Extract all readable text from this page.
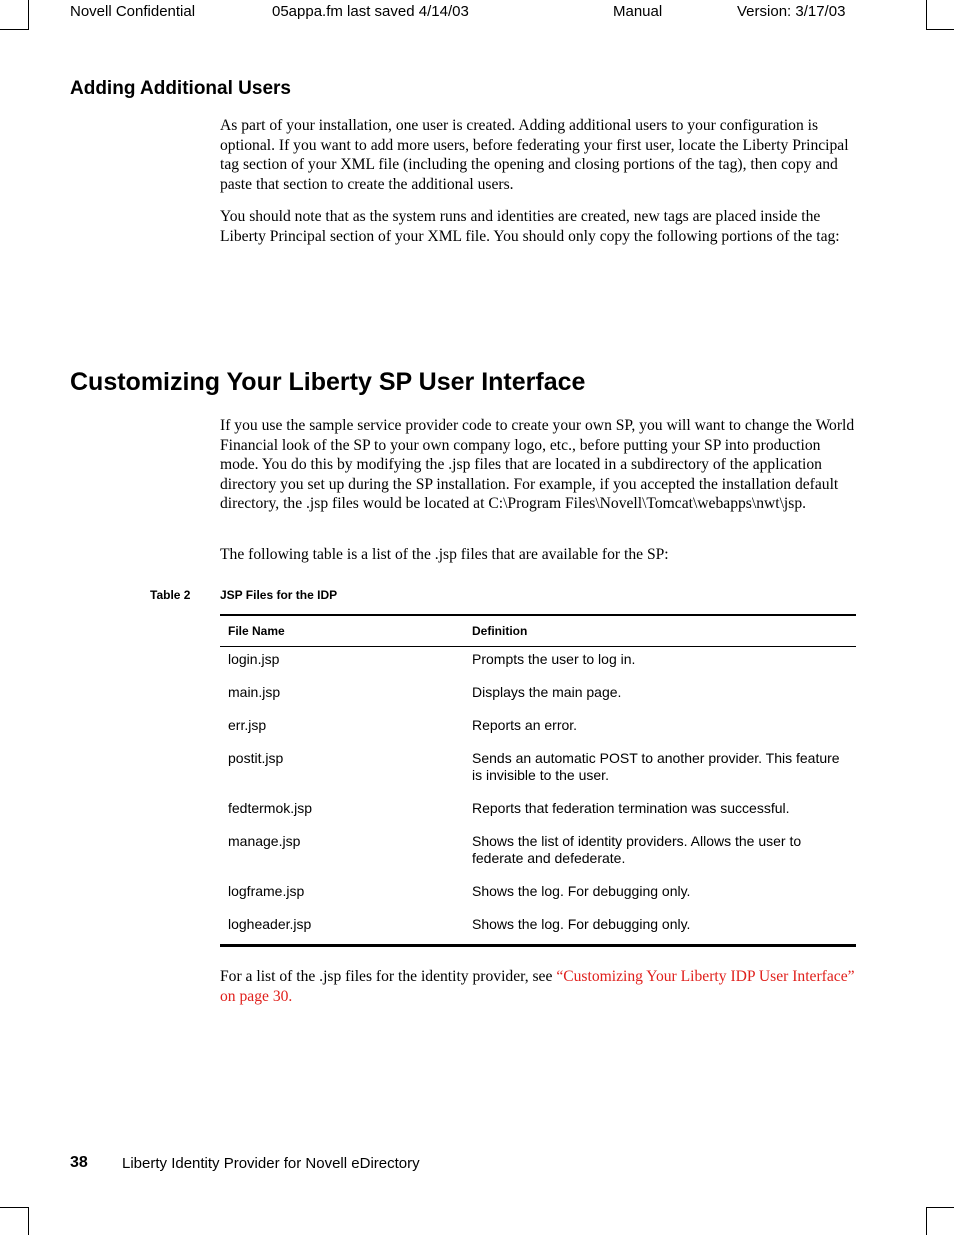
Novell Confidential	05appa.fm last saved 4/14/03	Manual	Version: 3/17/03
Adding Additional Users

As part of your installation, one user is created. Adding additional users to your configuration is optional. If you want to add more users, before federating your first user, locate the Liberty Principal tag section of your XML file (including the opening and closing portions of the tag), then copy and paste that section to create the additional users.

You should note that as the system runs and identities are created, new tags are placed inside the Liberty Principal section of your XML file. You should only copy the following portions of the tag:

Customizing Your Liberty SP User Interface

If you use the sample service provider code to create your own SP, you will want to change the World Financial look of the SP to your own company logo, etc., before putting your SP into production mode. You do this by modifying the .jsp files that are located in a subdirectory of the application directory you set up during the SP installation. For example, if you accepted the installation default directory, the .jsp files would be located at C:\Program Files\Novell\Tomcat\webapps\nwt\jsp.

The following table is a list of the .jsp files that are available for the SP:

Table 2 JSP Files for the IDP
File Name	Definition
login.jsp	Prompts the user to log in.
main.jsp	Displays the main page.
err.jsp	Reports an error.
postit.jsp	Sends an automatic POST to another provider. This feature is invisible to the user.
fedtermok.jsp	Reports that federation termination was successful.
manage.jsp	Shows the list of identity providers. Allows the user to federate and defederate.
logframe.jsp	Shows the log. For debugging only.
logheader.jsp	Shows the log. For debugging only.

For a list of the .jsp files for the identity provider, see “Customizing Your Liberty IDP User Interface” on page 30.

38 Liberty Identity Provider for Novell eDirectory
